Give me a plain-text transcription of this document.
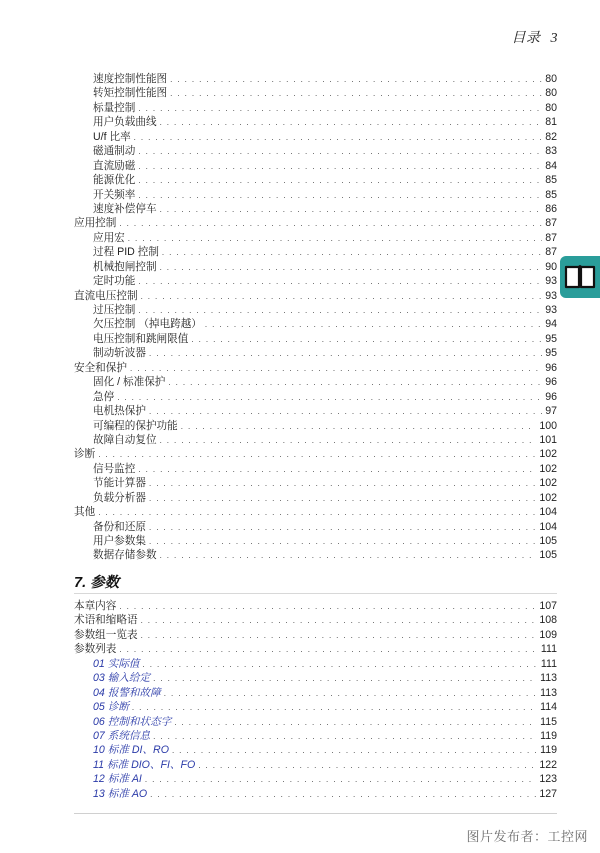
目录 3
速度控制性能图 . . .	80
转矩控制性能图 . . .	80
标量控制 . . .	80
用户负载曲线 . . .	81
U/f 比率 . . .	82
磁通制动 . . .	83
直流励磁 . . .	84
能源优化 . . .	85
开关频率 . . .	85
速度补偿停车 . . .	86
应用控制 . . .	87
应用宏 . . .	87
过程 PID 控制 . . .	87
机械抱闸控制 . . .	90
定时功能 . . .	93
直流电压控制 . . .	93
过压控制 . . .	93
欠压控制 （掉电跨越） . . .	94
电压控制和跳闸限值 . . .	95
制动斩波器 . . .	95
安全和保护 . . .	96
固化 / 标准保护 . . .	96
急停 . . .	96
电机热保护 . . .	97
可编程的保护功能 . . .	100
故障自动复位 . . .	101
诊断 . . .	102
信号监控 . . .	102
节能计算器 . . .	102
负载分析器 . . .	102
其他 . . .	104
备份和还原 . . .	104
用户参数集 . . .	105
数据存储参数 . . .	105
7. 参数
本章内容 . . .	107
术语和缩略语 . . .	108
参数组一览表 . . .	109
参数列表 . . .	111
01 实际值 . . .	111
03 输入给定 . . .	113
04 报警和故障 . . .	113
05 诊断 . . .	114
06 控制和状态字 . . .	115
07 系统信息 . . .	119
10 标准 DI、RO . . .	119
11 标准 DIO、FI、FO . . .	122
12 标准 AI . . .	123
13 标准 AO . . .	127
图片发布者：工控网
